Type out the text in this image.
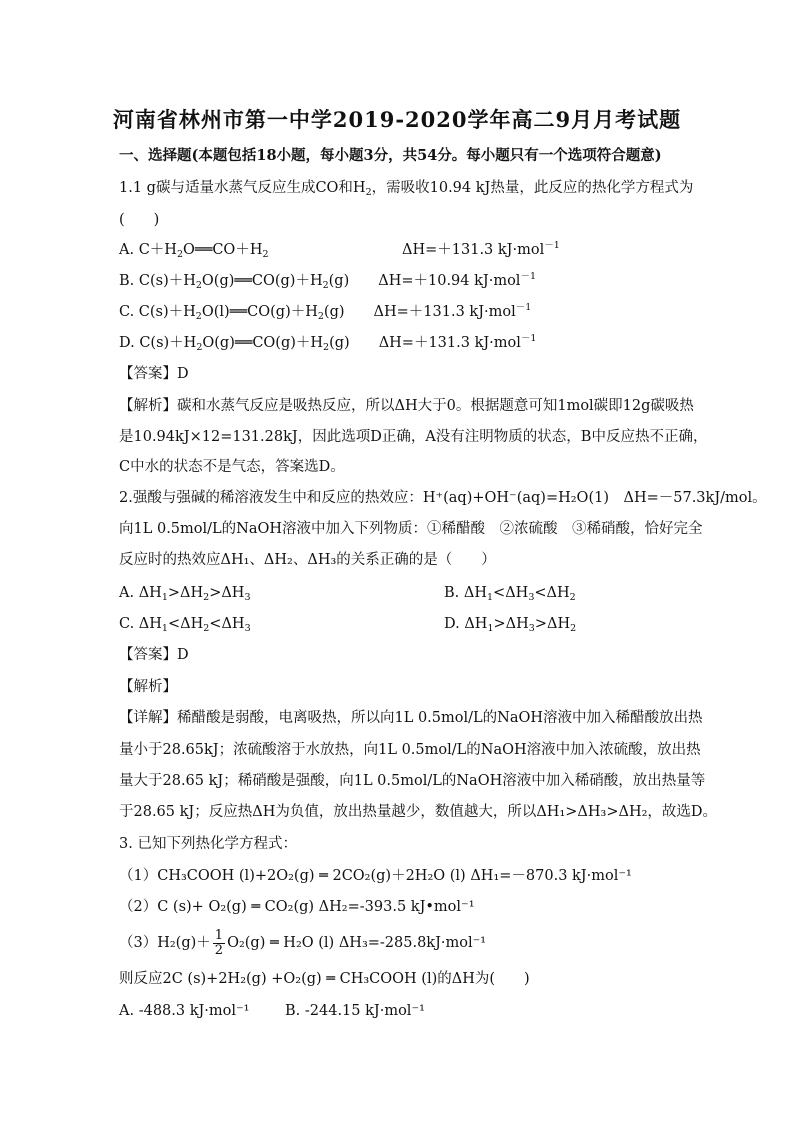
河南省林州市第一中学2019-2020学年高二9月月考试题
一、选择题(本题包括18小题，每小题3分，共54分。每小题只有一个选项符合题意)
1.1 g碳与适量水蒸气反应生成CO和$H_2$，需吸收10.94 kJ热量，此反应的热化学方程式为
(　　)
A. $C+H_2O══CO+H_2$	ΔH=＋131.3 kJ·mol$^{-1}$
B. $C(s)+H_2O(g)══CO(g)+H_2(g)$　　ΔH=＋10.94 kJ·mol$^{-1}$
C. $C(s)+H_2O(l)══CO(g)+H_2(g)$　　ΔH=＋131.3 kJ·mol$^{-1}$
D. $C(s)+H_2O(g)══CO(g)+H_2(g)$　　ΔH=＋131.3 kJ·mol$^{-1}$
【答案】D
【解析】碳和水蒸气反应是吸热反应，所以ΔH大于0。根据题意可知1mol碳即12g碳吸热
是10.94kJ×12=131.28kJ，因此选项D正确，A没有注明物质的状态，B中反应热不正确，
C中水的状态不是气态，答案选D。
2.强酸与强碱的稀溶液发生中和反应的热效应：H⁺(aq)+OH⁻(aq)=H₂O(1)　ΔH=－57.3kJ/mol。
向1L 0.5mol/L的NaOH溶液中加入下列物质：①稀醋酸　②浓硫酸　③稀硝酸，恰好完全
反应时的热效应ΔH₁、ΔH₂、ΔH₃的关系正确的是（　　）
A. $\Delta H_1>\Delta H_2>\Delta H_3$	B. $\Delta H_1<\Delta H_3<\Delta H_2$
C. $\Delta H_1<\Delta H_2<\Delta H_3$	D. $\Delta H_1>\Delta H_3>\Delta H_2$
【答案】D
【解析】
【详解】稀醋酸是弱酸，电离吸热，所以向1L 0.5mol/L的NaOH溶液中加入稀醋酸放出热
量小于28.65kJ；浓硫酸溶于水放热，向1L 0.5mol/L的NaOH溶液中加入浓硫酸，放出热
量大于28.65 kJ；稀硝酸是强酸，向1L 0.5mol/L的NaOH溶液中加入稀硝酸，放出热量等
于28.65 kJ；反应热ΔH为负值，放出热量越少，数值越大，所以ΔH₁>ΔH₃>ΔH₂，故选D。
3. 已知下列热化学方程式：
（1）CH₃COOH (l)+2O₂(g) ═ 2CO₂(g)＋2H₂O (l) ΔH₁=－870.3 kJ·mol⁻¹
（2）C (s)+ O₂(g) ═ CO₂(g) ΔH₂=-393.5 kJ•mol⁻¹
$(3)H_2(g)+ \frac{1}{2} O_2(g)$ ═ H₂O (l) ΔH₃=-285.8kJ·mol⁻¹
则反应2C (s)+2H₂(g) +O₂(g) ═ CH₃COOH (l)的ΔH为(　　)
A. -488.3 kJ·mol⁻¹ B. -244.15 kJ·mol⁻¹
